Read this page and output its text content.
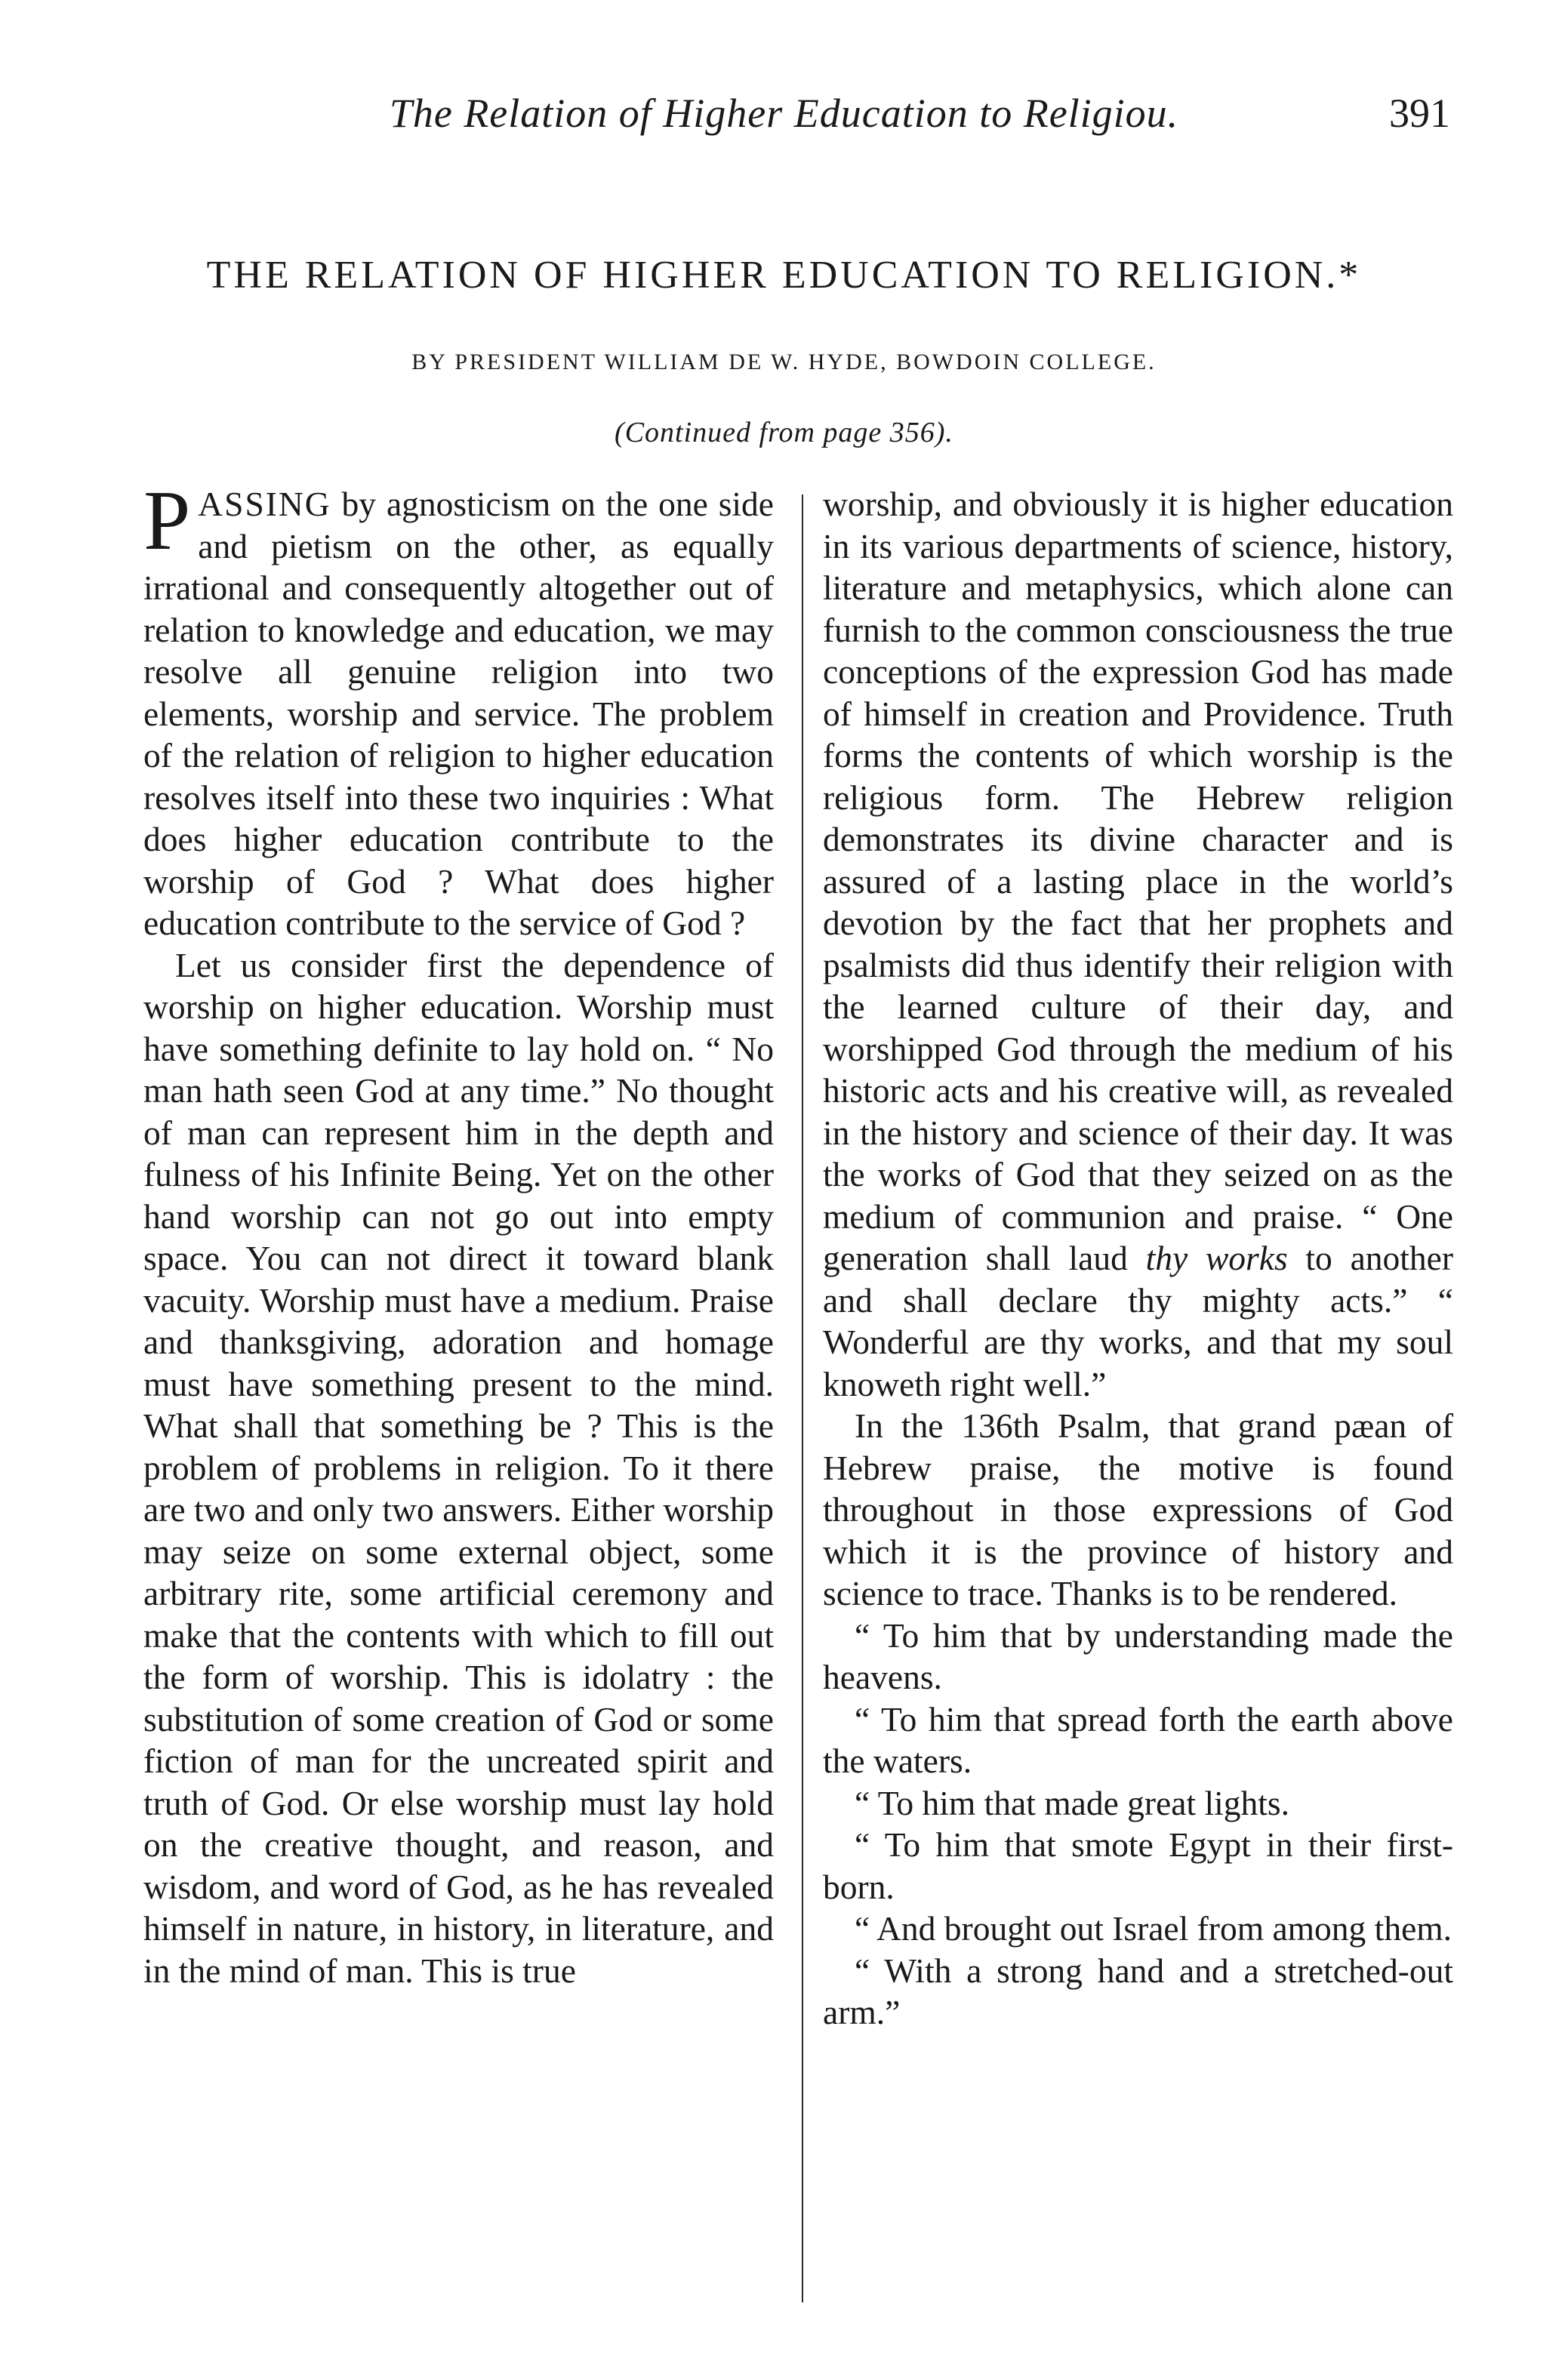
The Relation of Higher Education to Religiou.	391
THE RELATION OF HIGHER EDUCATION TO RELIGION.*
BY PRESIDENT WILLIAM DE W. HYDE, BOWDOIN COLLEGE.
(Continued from page 356).

PASSING by agnosticism on the one side and pietism on the other, as equally irrational and consequently altogether out of relation to knowledge and education, we may resolve all genuine religion into two elements, worship and service. The problem of the relation of religion to higher education resolves itself into these two inquiries : What does higher education contribute to the worship of God ? What does higher education contribute to the service of God ?

Let us consider first the dependence of worship on higher education. Worship must have something definite to lay hold on. “ No man hath seen God at any time.” No thought of man can represent him in the depth and fulness of his Infinite Being. Yet on the other hand worship can not go out into empty space. You can not direct it toward blank vacuity. Worship must have a medium. Praise and thanksgiving, adoration and homage must have something present to the mind. What shall that something be ? This is the problem of problems in religion. To it there are two and only two answers. Either worship may seize on some external object, some arbitrary rite, some artificial ceremony and make that the contents with which to fill out the form of worship. This is idolatry : the substitution of some creation of God or some fiction of man for the uncreated spirit and truth of God. Or else worship must lay hold on the creative thought, and reason, and wisdom, and word of God, as he has revealed himself in nature, in history, in literature, and in the mind of man. This is true

worship, and obviously it is higher education in its various departments of science, history, literature and metaphysics, which alone can furnish to the common consciousness the true conceptions of the expression God has made of himself in creation and Providence. Truth forms the contents of which worship is the religious form. The Hebrew religion demonstrates its divine character and is assured of a lasting place in the world’s devotion by the fact that her prophets and psalmists did thus identify their religion with the learned culture of their day, and worshipped God through the medium of his historic acts and his creative will, as revealed in the history and science of their day. It was the works of God that they seized on as the medium of communion and praise. “ One generation shall laud thy works to another and shall declare thy mighty acts.” “ Wonderful are thy works, and that my soul knoweth right well.”

In the 136th Psalm, that grand pæan of Hebrew praise, the motive is found throughout in those expressions of God which it is the province of history and science to trace. Thanks is to be rendered.

“ To him that by understanding made the heavens.

“ To him that spread forth the earth above the waters.

“ To him that made great lights.

“ To him that smote Egypt in their first-born.

“ And brought out Israel from among them.

“ With a strong hand and a stretched-out arm.”
